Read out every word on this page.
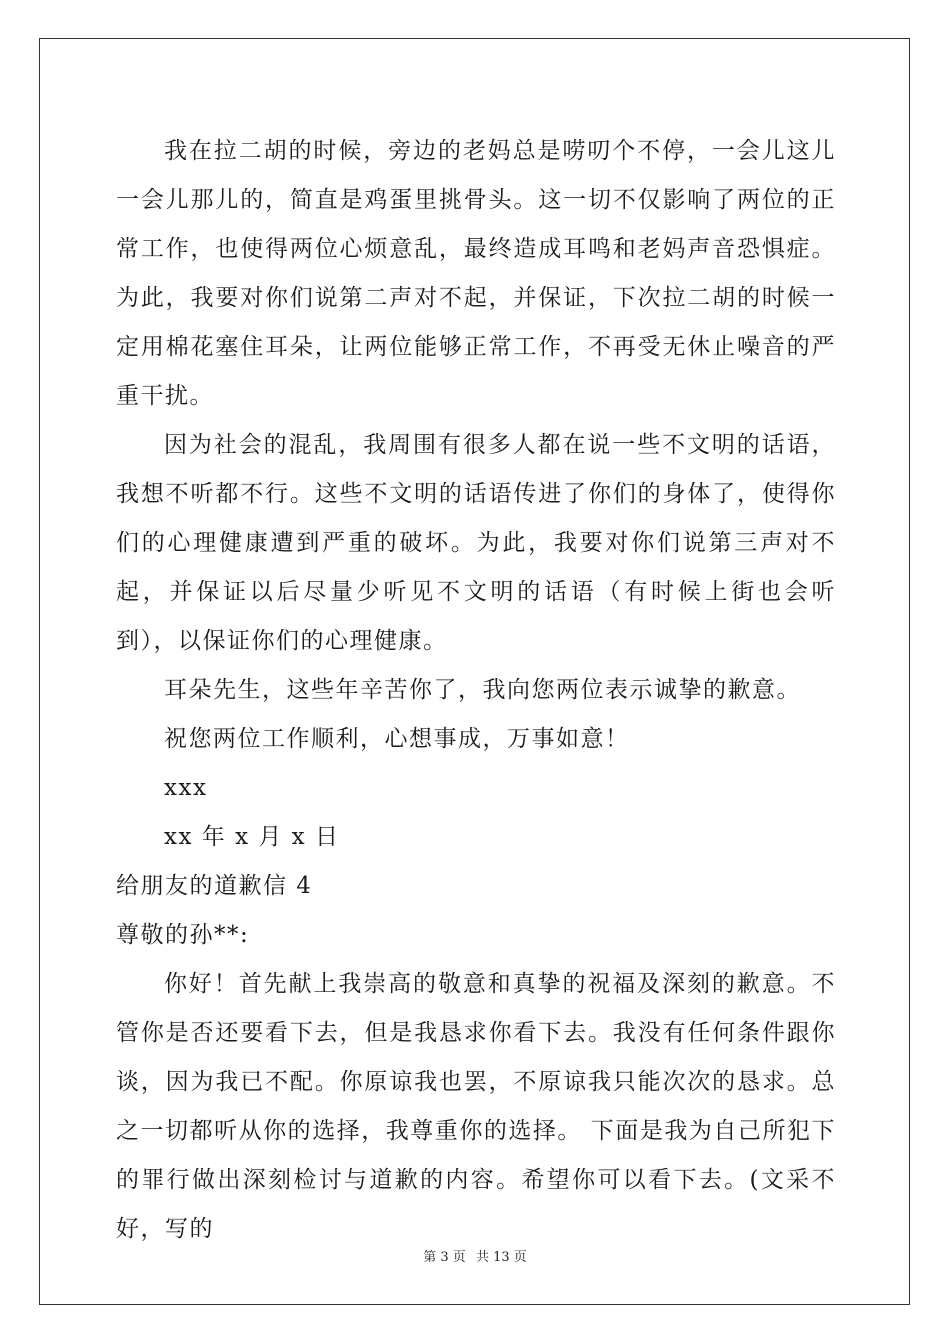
我在拉二胡的时候，旁边的老妈总是唠叨个不停，一会儿这儿一会儿那儿的，简直是鸡蛋里挑骨头。这一切不仅影响了两位的正常工作，也使得两位心烦意乱，最终造成耳鸣和老妈声音恐惧症。为此，我要对你们说第二声对不起，并保证，下次拉二胡的时候一定用棉花塞住耳朵，让两位能够正常工作，不再受无休止噪音的严重干扰。

因为社会的混乱，我周围有很多人都在说一些不文明的话语，我想不听都不行。这些不文明的话语传进了你们的身体了，使得你们的心理健康遭到严重的破坏。为此，我要对你们说第三声对不起，并保证以后尽量少听见不文明的话语（有时候上街也会听到），以保证你们的心理健康。

耳朵先生，这些年辛苦你了，我向您两位表示诚挚的歉意。

祝您两位工作顺利，心想事成，万事如意！

xxx

xx 年 x 月 x 日

给朋友的道歉信 4

尊敬的孙**:

你好！首先献上我崇高的敬意和真挚的祝福及深刻的歉意。不管你是否还要看下去，但是我恳求你看下去。我没有任何条件跟你谈，因为我已不配。你原谅我也罢，不原谅我只能次次的恳求。总之一切都听从你的选择，我尊重你的选择。 下面是我为自己所犯下的罪行做出深刻检讨与道歉的内容。希望你可以看下去。(文采不好，写的

第 3 页 共 13 页
